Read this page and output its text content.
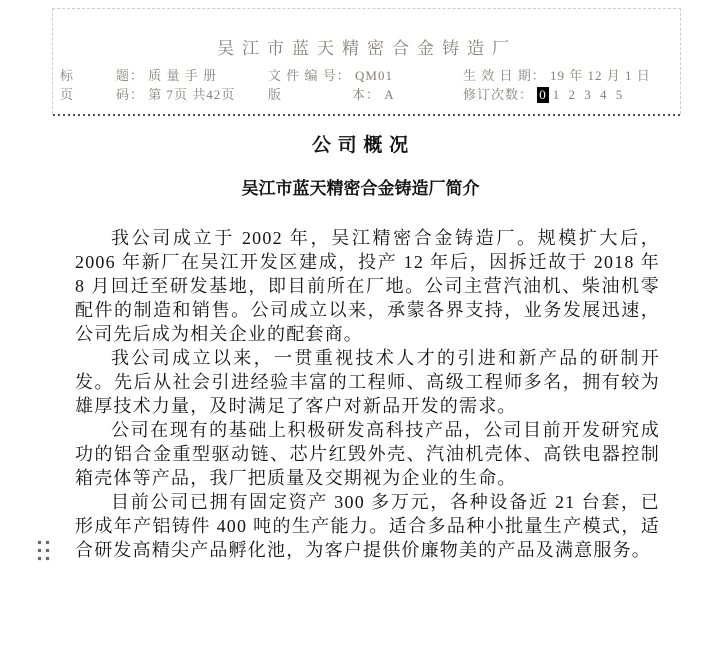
吴江市蓝天精密合金铸造厂
标　　　题： 质 量 手 册	文 件 编 号： QM01	生 效 日 期： 19 年 12 月 1 日
页　　　码： 第 7页 共42页	版　　　　　本： A	修订次数： 0 1 2 3 4 5
公 司 概 况
吴江市蓝天精密合金铸造厂简介

我公司成立于 2002 年，吴江精密合金铸造厂。规模扩大后，2006 年新厂在吴江开发区建成，投产 12 年后，因拆迁故于 2018 年 8 月回迁至研发基地，即目前所在厂地。公司主营汽油机、柴油机零配件的制造和销售。公司成立以来，承蒙各界支持，业务发展迅速，公司先后成为相关企业的配套商。

我公司成立以来，一贯重视技术人才的引进和新产品的研制开发。先后从社会引进经验丰富的工程师、高级工程师多名，拥有较为雄厚技术力量，及时满足了客户对新品开发的需求。

公司在现有的基础上积极研发高科技产品，公司目前开发研究成功的铝合金重型驱动链、芯片红毁外壳、汽油机壳体、高铁电器控制箱壳体等产品，我厂把质量及交期视为企业的生命。

目前公司已拥有固定资产 300 多万元，各种设备近 21 台套，已形成年产铝铸件 400 吨的生产能力。适合多品种小批量生产模式，适合研发高精尖产品孵化池，为客户提供价廉物美的产品及满意服务。
